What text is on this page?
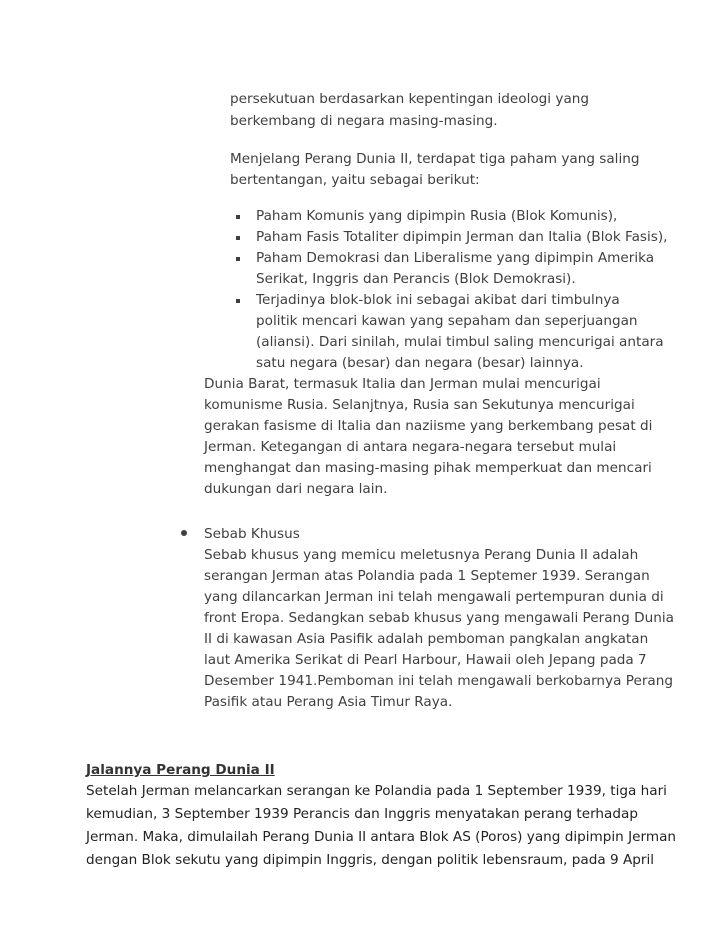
persekutuan berdasarkan kepentingan ideologi yang
berkembang di negara masing-masing.
Menjelang Perang Dunia II, terdapat tiga paham yang saling
bertentangan, yaitu sebagai berikut:
Paham Komunis yang dipimpin Rusia (Blok Komunis),
Paham Fasis Totaliter dipimpin Jerman dan Italia (Blok Fasis),
Paham Demokrasi dan Liberalisme yang dipimpin Amerika
Serikat, Inggris dan Perancis (Blok Demokrasi).
Terjadinya blok-blok ini sebagai akibat dari timbulnya
politik mencari kawan yang sepaham dan seperjuangan
(aliansi). Dari sinilah, mulai timbul saling mencurigai antara
satu negara (besar) dan negara (besar) lainnya.
Dunia Barat, termasuk Italia dan Jerman mulai mencurigai
komunisme Rusia. Selanjtnya, Rusia san Sekutunya mencurigai
gerakan fasisme di Italia dan naziisme yang berkembang pesat di
Jerman. Ketegangan di antara negara-negara tersebut mulai
menghangat dan masing-masing pihak memperkuat dan mencari
dukungan dari negara lain.
Sebab Khusus
Sebab khusus yang memicu meletusnya Perang Dunia II adalah
serangan Jerman atas Polandia pada 1 Septemer 1939. Serangan
yang dilancarkan Jerman ini telah mengawali pertempuran dunia di
front Eropa. Sedangkan sebab khusus yang mengawali Perang Dunia
II di kawasan Asia Pasifik adalah pemboman pangkalan angkatan
laut Amerika Serikat di Pearl Harbour, Hawaii oleh Jepang pada 7
Desember 1941.Pemboman ini telah mengawali berkobarnya Perang
Pasifik atau Perang Asia Timur Raya.
Jalannya Perang Dunia II
Setelah Jerman melancarkan serangan ke Polandia pada 1 September 1939, tiga hari
kemudian, 3 September 1939 Perancis dan Inggris menyatakan perang terhadap
Jerman. Maka, dimulailah Perang Dunia II antara Blok AS (Poros) yang dipimpin Jerman
dengan Blok sekutu yang dipimpin Inggris, dengan politik lebensraum, pada 9 April
